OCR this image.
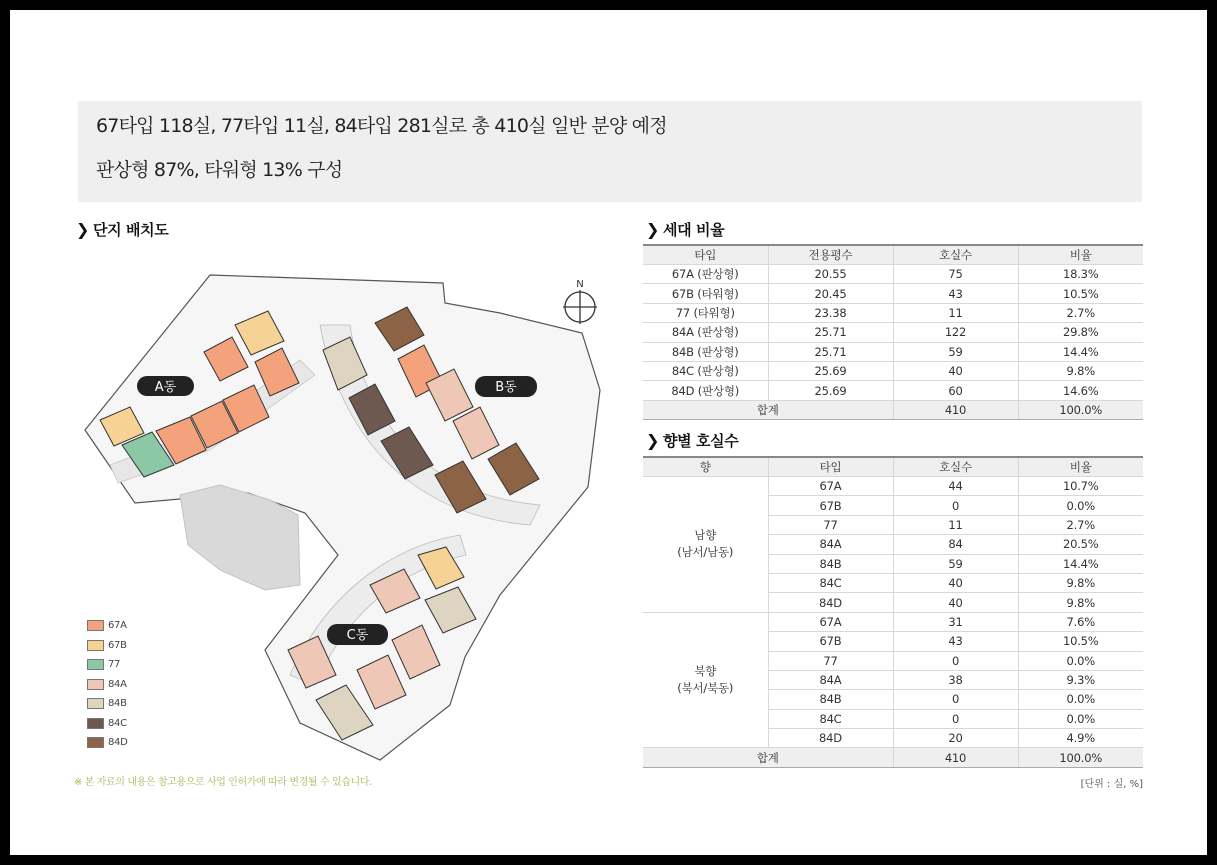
67타입 118실, 77타입 11실, 84타입 281실로 총 410실 일반 분양 예정
판상형 87%, 타워형 13% 구성
❯ 단지 배치도
N
A동	B동
C동
67A
67B
77
84A
84B
84C
84D
※ 본 자료의 내용은 참고용으로 사업 인허가에 따라 변경될 수 있습니다.
❯ 세대 비율
타입	전용평수	호실수	비율
67A (판상형)	20.55	75	18.3%
67B (타워형)	20.45	43	10.5%
77 (타워형)	23.38	11	2.7%
84A (판상형)	25.71	122	29.8%
84B (판상형)	25.71	59	14.4%
84C (판상형)	25.69	40	9.8%
84D (판상형)	25.69	60	14.6%
합계		410	100.0%
❯ 향별 호실수
향	타입	호실수	비율

남향
(남서/남동)	67A	44	10.7%
	67B	0	0.0%
	77	11	2.7%
	84A	84	20.5%
	84B	59	14.4%
	84C	40	9.8%
	84D	40	9.8%

북향
(북서/북동)	67A	31	7.6%
	67B	43	10.5%
	77	0	0.0%
	84A	38	9.3%
	84B	0	0.0%
	84C	0	0.0%
	84D	20	4.9%
합계		410	100.0%
[단위 : 실, %]
